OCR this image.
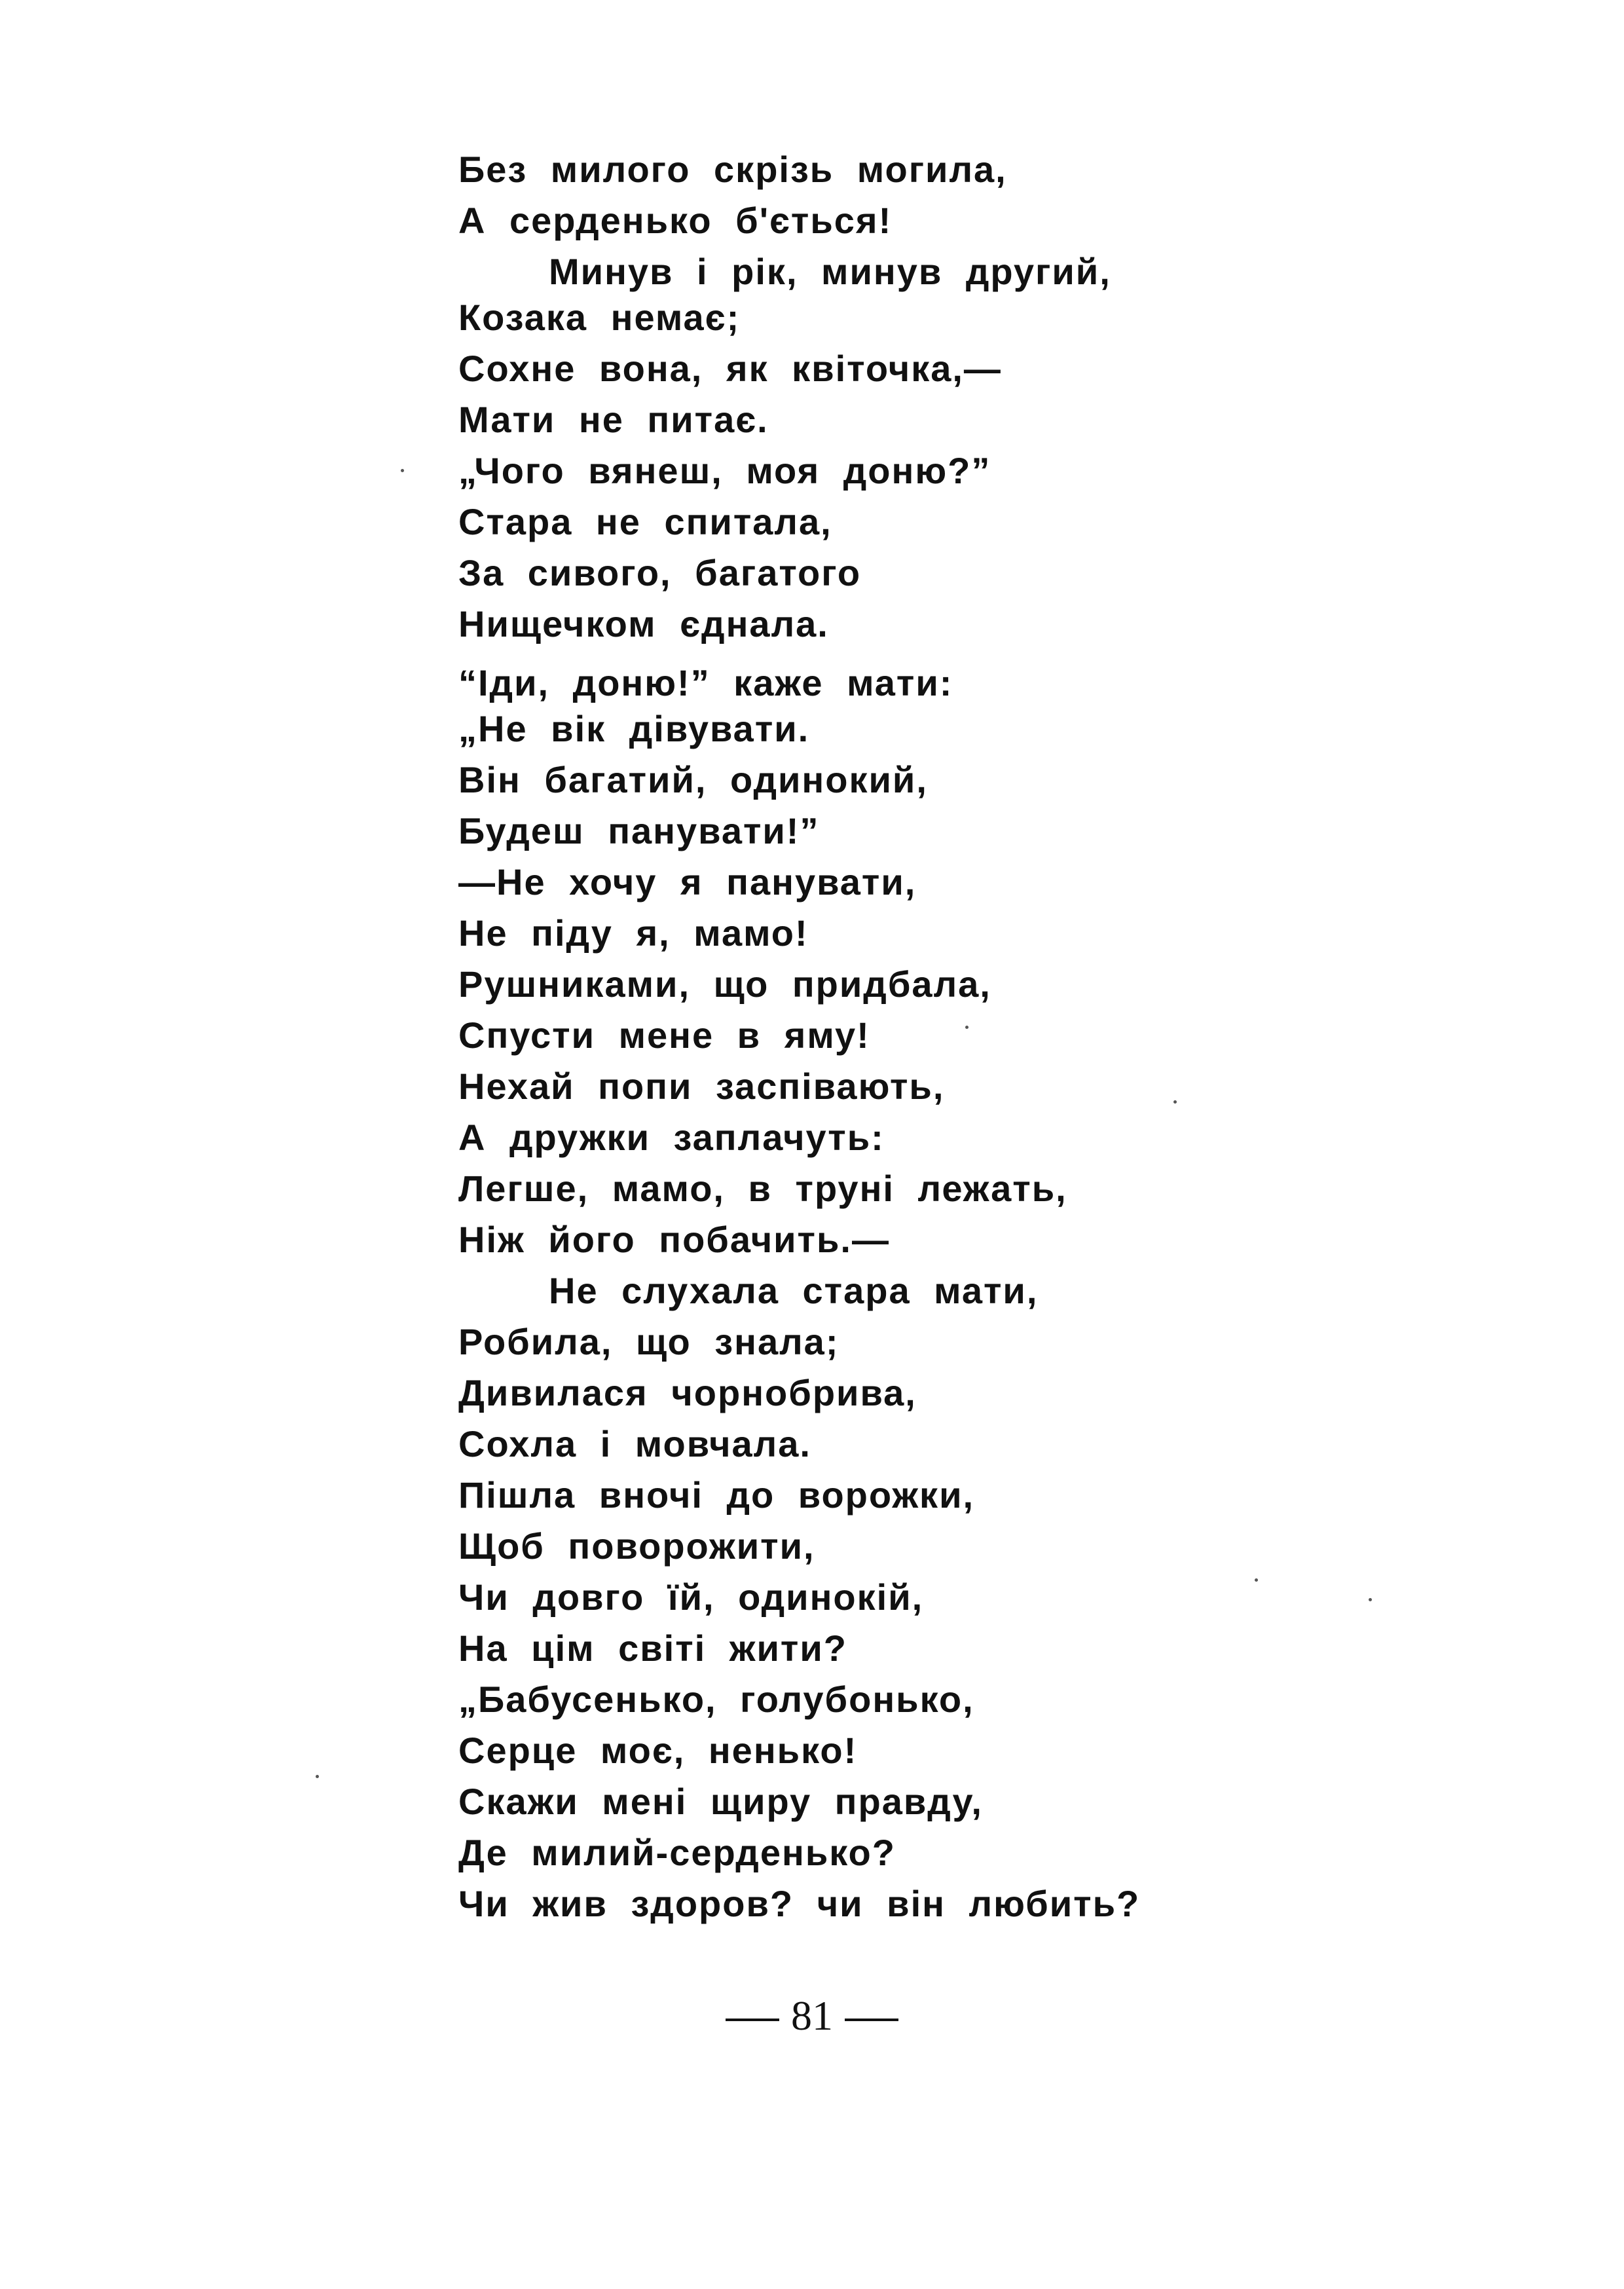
Без милого скрізь могила,
А серденько б'ється!
Минув і рік, минув другий,
Козака немає;
Сохне вона, як квіточка,—
Мати не питає.
„Чого вянеш, моя доню?”
Стара не спитала,
За сивого, багатого
Нищечком єднала.
“Іди, доню!” каже мати:
„Не вік дівувати.
Він багатий, одинокий,
Будеш панувати!”
—Не хочу я панувати,
Не піду я, мамо!
Рушниками, що придбала,
Спусти мене в яму!
Нехай попи заспівають,
А дружки заплачуть:
Легше, мамо, в труні лежать,
Ніж його побачить.—
Не слухала стара мати,
Робила, що знала;
Дивилася чорнобрива,
Сохла і мовчала.
Пішла вночі до ворожки,
Щоб поворожити,
Чи довго їй, одинокій,
На цім світі жити?
„Бабусенько, голубонько,
Серце моє, ненько!
Скажи мені щиру правду,
Де милий-серденько?
Чи жив здоров? чи він любить?
81
